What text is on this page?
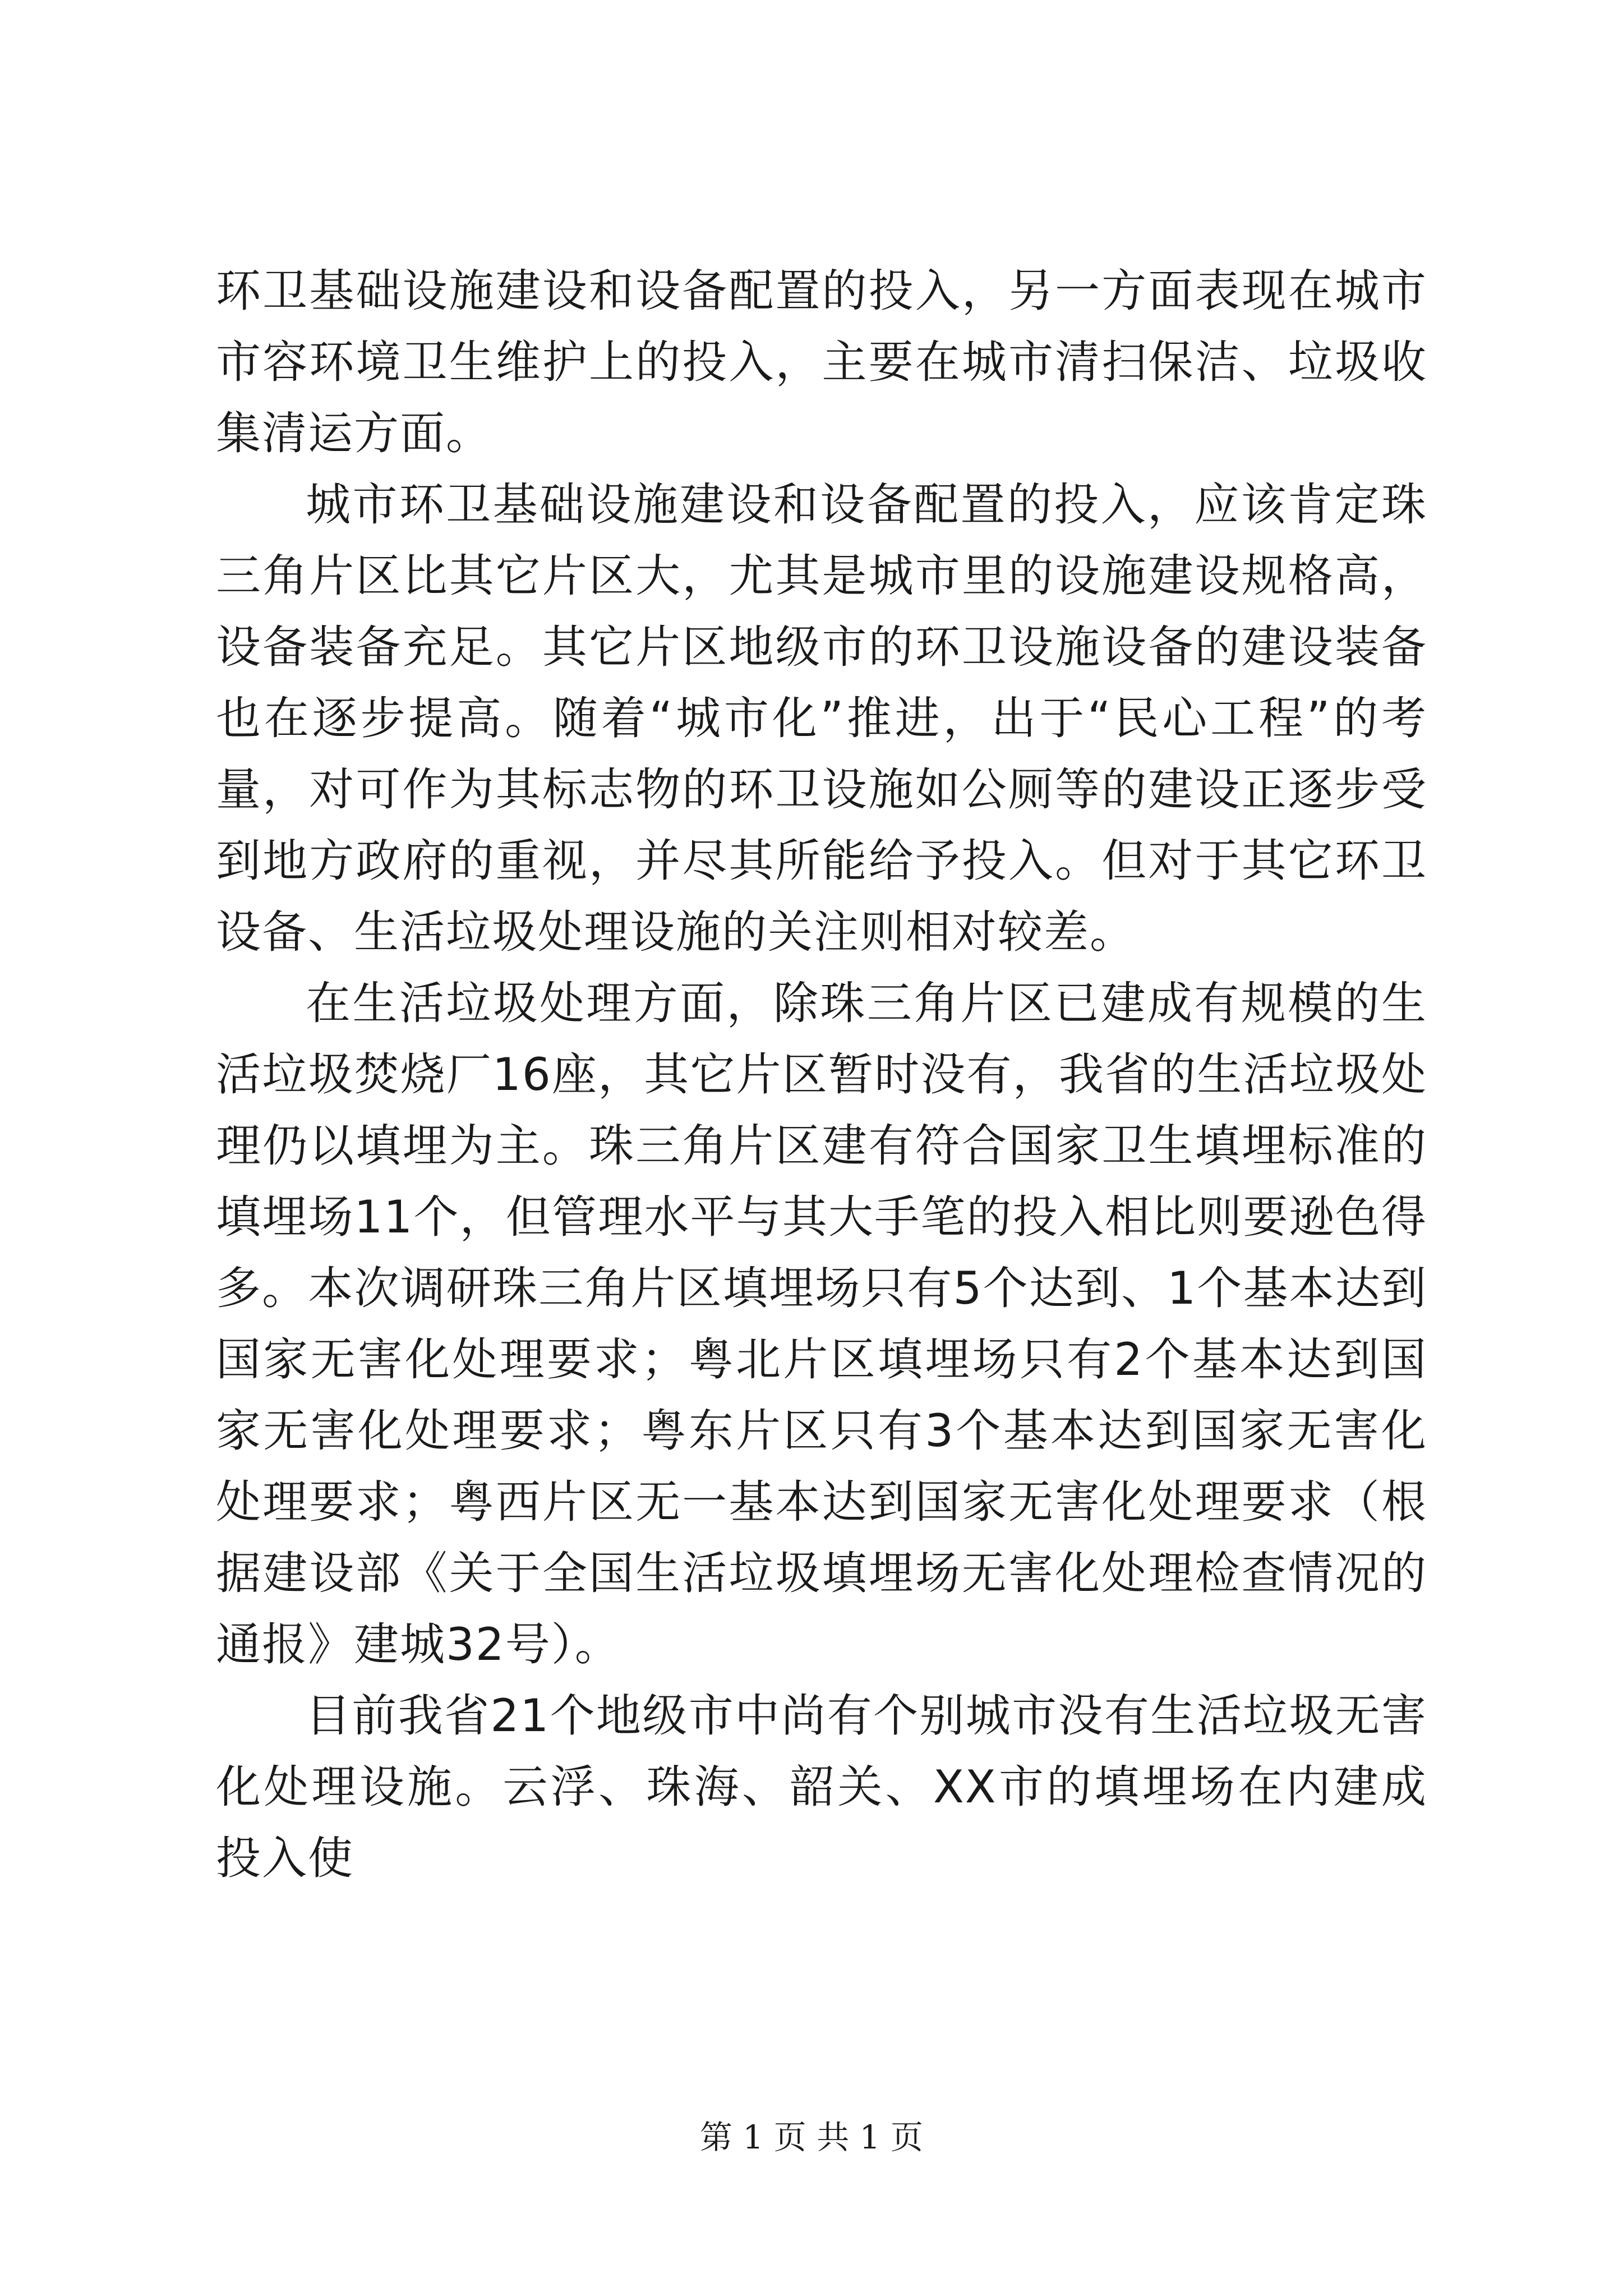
环卫基础设施建设和设备配置的投入，另一方面表现在城市市容环境卫生维护上的投入，主要在城市清扫保洁、垃圾收集清运方面。

城市环卫基础设施建设和设备配置的投入，应该肯定珠三角片区比其它片区大，尤其是城市里的设施建设规格高，设备装备充足。其它片区地级市的环卫设施设备的建设装备也在逐步提高。随着“城市化”推进，出于“民心工程”的考量，对可作为其标志物的环卫设施如公厕等的建设正逐步受到地方政府的重视，并尽其所能给予投入。但对于其它环卫设备、生活垃圾处理设施的关注则相对较差。

在生活垃圾处理方面，除珠三角片区已建成有规模的生活垃圾焚烧厂16座，其它片区暂时没有，我省的生活垃圾处理仍以填埋为主。珠三角片区建有符合国家卫生填埋标准的填埋场11个，但管理水平与其大手笔的投入相比则要逊色得多。本次调研珠三角片区填埋场只有5个达到、1个基本达到国家无害化处理要求；粤北片区填埋场只有2个基本达到国家无害化处理要求；粤东片区只有3个基本达到国家无害化处理要求；粤西片区无一基本达到国家无害化处理要求（根据建设部《关于全国生活垃圾填埋场无害化处理检查情况的通报》建城32号）。

目前我省21个地级市中尚有个别城市没有生活垃圾无害化处理设施。云浮、珠海、韶关、XX市的填埋场在内建成投入使

第 1 页 共 1 页
